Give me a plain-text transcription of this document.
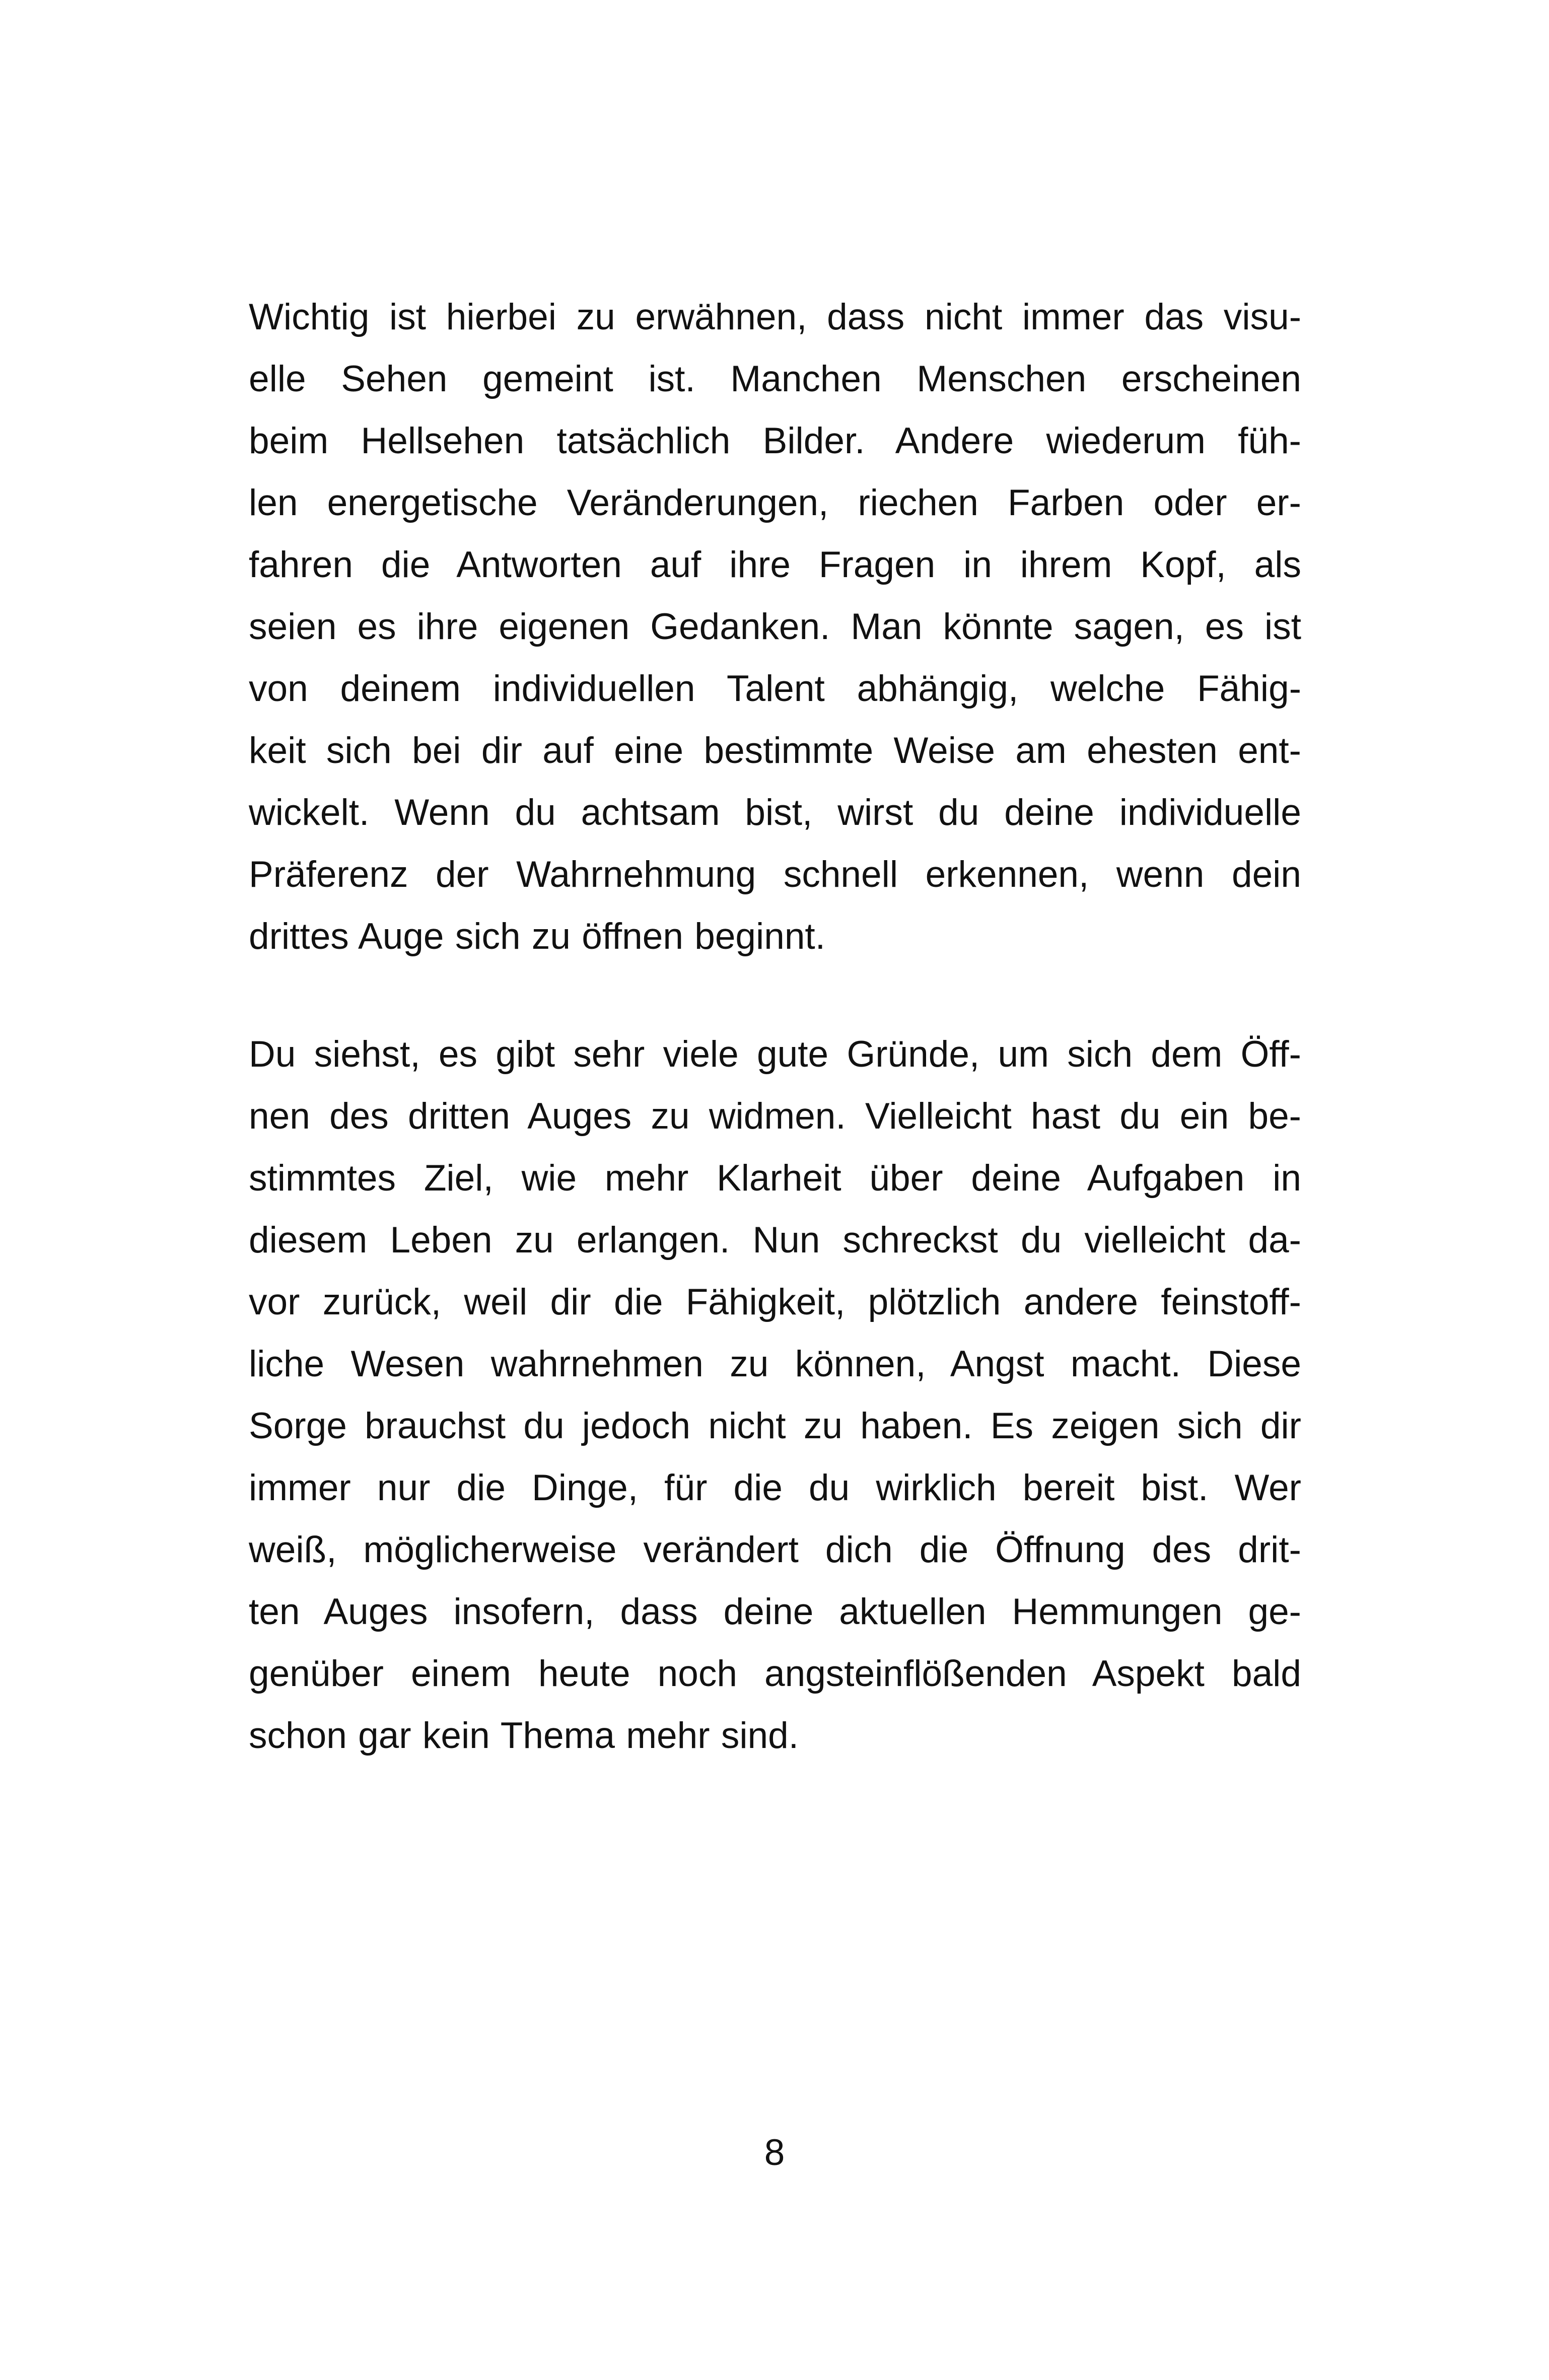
Wichtig ist hierbei zu erwähnen, dass nicht immer das visu-
elle Sehen gemeint ist. Manchen Menschen erscheinen
beim Hellsehen tatsächlich Bilder. Andere wiederum füh-
len energetische Veränderungen, riechen Farben oder er-
fahren die Antworten auf ihre Fragen in ihrem Kopf, als
seien es ihre eigenen Gedanken. Man könnte sagen, es ist
von deinem individuellen Talent abhängig, welche Fähig-
keit sich bei dir auf eine bestimmte Weise am ehesten ent-
wickelt. Wenn du achtsam bist, wirst du deine individuelle
Präferenz der Wahrnehmung schnell erkennen, wenn dein
drittes Auge sich zu öffnen beginnt.
Du siehst, es gibt sehr viele gute Gründe, um sich dem Öff-
nen des dritten Auges zu widmen. Vielleicht hast du ein be-
stimmtes Ziel, wie mehr Klarheit über deine Aufgaben in
diesem Leben zu erlangen. Nun schreckst du vielleicht da-
vor zurück, weil dir die Fähigkeit, plötzlich andere feinstoff-
liche Wesen wahrnehmen zu können, Angst macht. Diese
Sorge brauchst du jedoch nicht zu haben. Es zeigen sich dir
immer nur die Dinge, für die du wirklich bereit bist. Wer
weiß, möglicherweise verändert dich die Öffnung des drit-
ten Auges insofern, dass deine aktuellen Hemmungen ge-
genüber einem heute noch angsteinflößenden Aspekt bald
schon gar kein Thema mehr sind.
8
